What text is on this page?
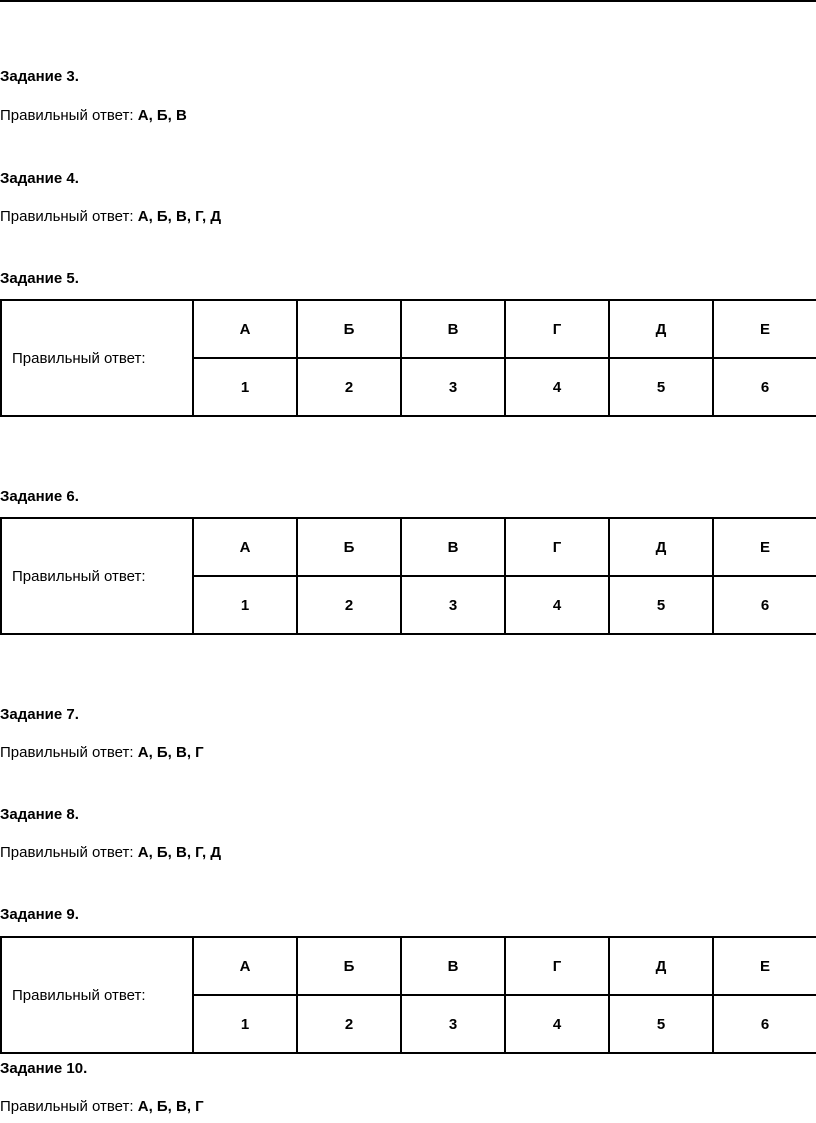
Задание 3.
Правильный ответ: А, Б, В
Задание 4.
Правильный ответ: А, Б, В, Г, Д
Задание 5.
Правильный ответ:	А	Б	В	Г	Д	Е
	1	2	3	4	5	6
Задание 6.
Правильный ответ:	А	Б	В	Г	Д	Е
	1	2	3	4	5	6
Задание 7.
Правильный ответ: А, Б, В, Г
Задание 8.
Правильный ответ: А, Б, В, Г, Д
Задание 9.
Правильный ответ:	А	Б	В	Г	Д	Е
	1	2	3	4	5	6
Задание 10.
Правильный ответ: А, Б, В, Г
